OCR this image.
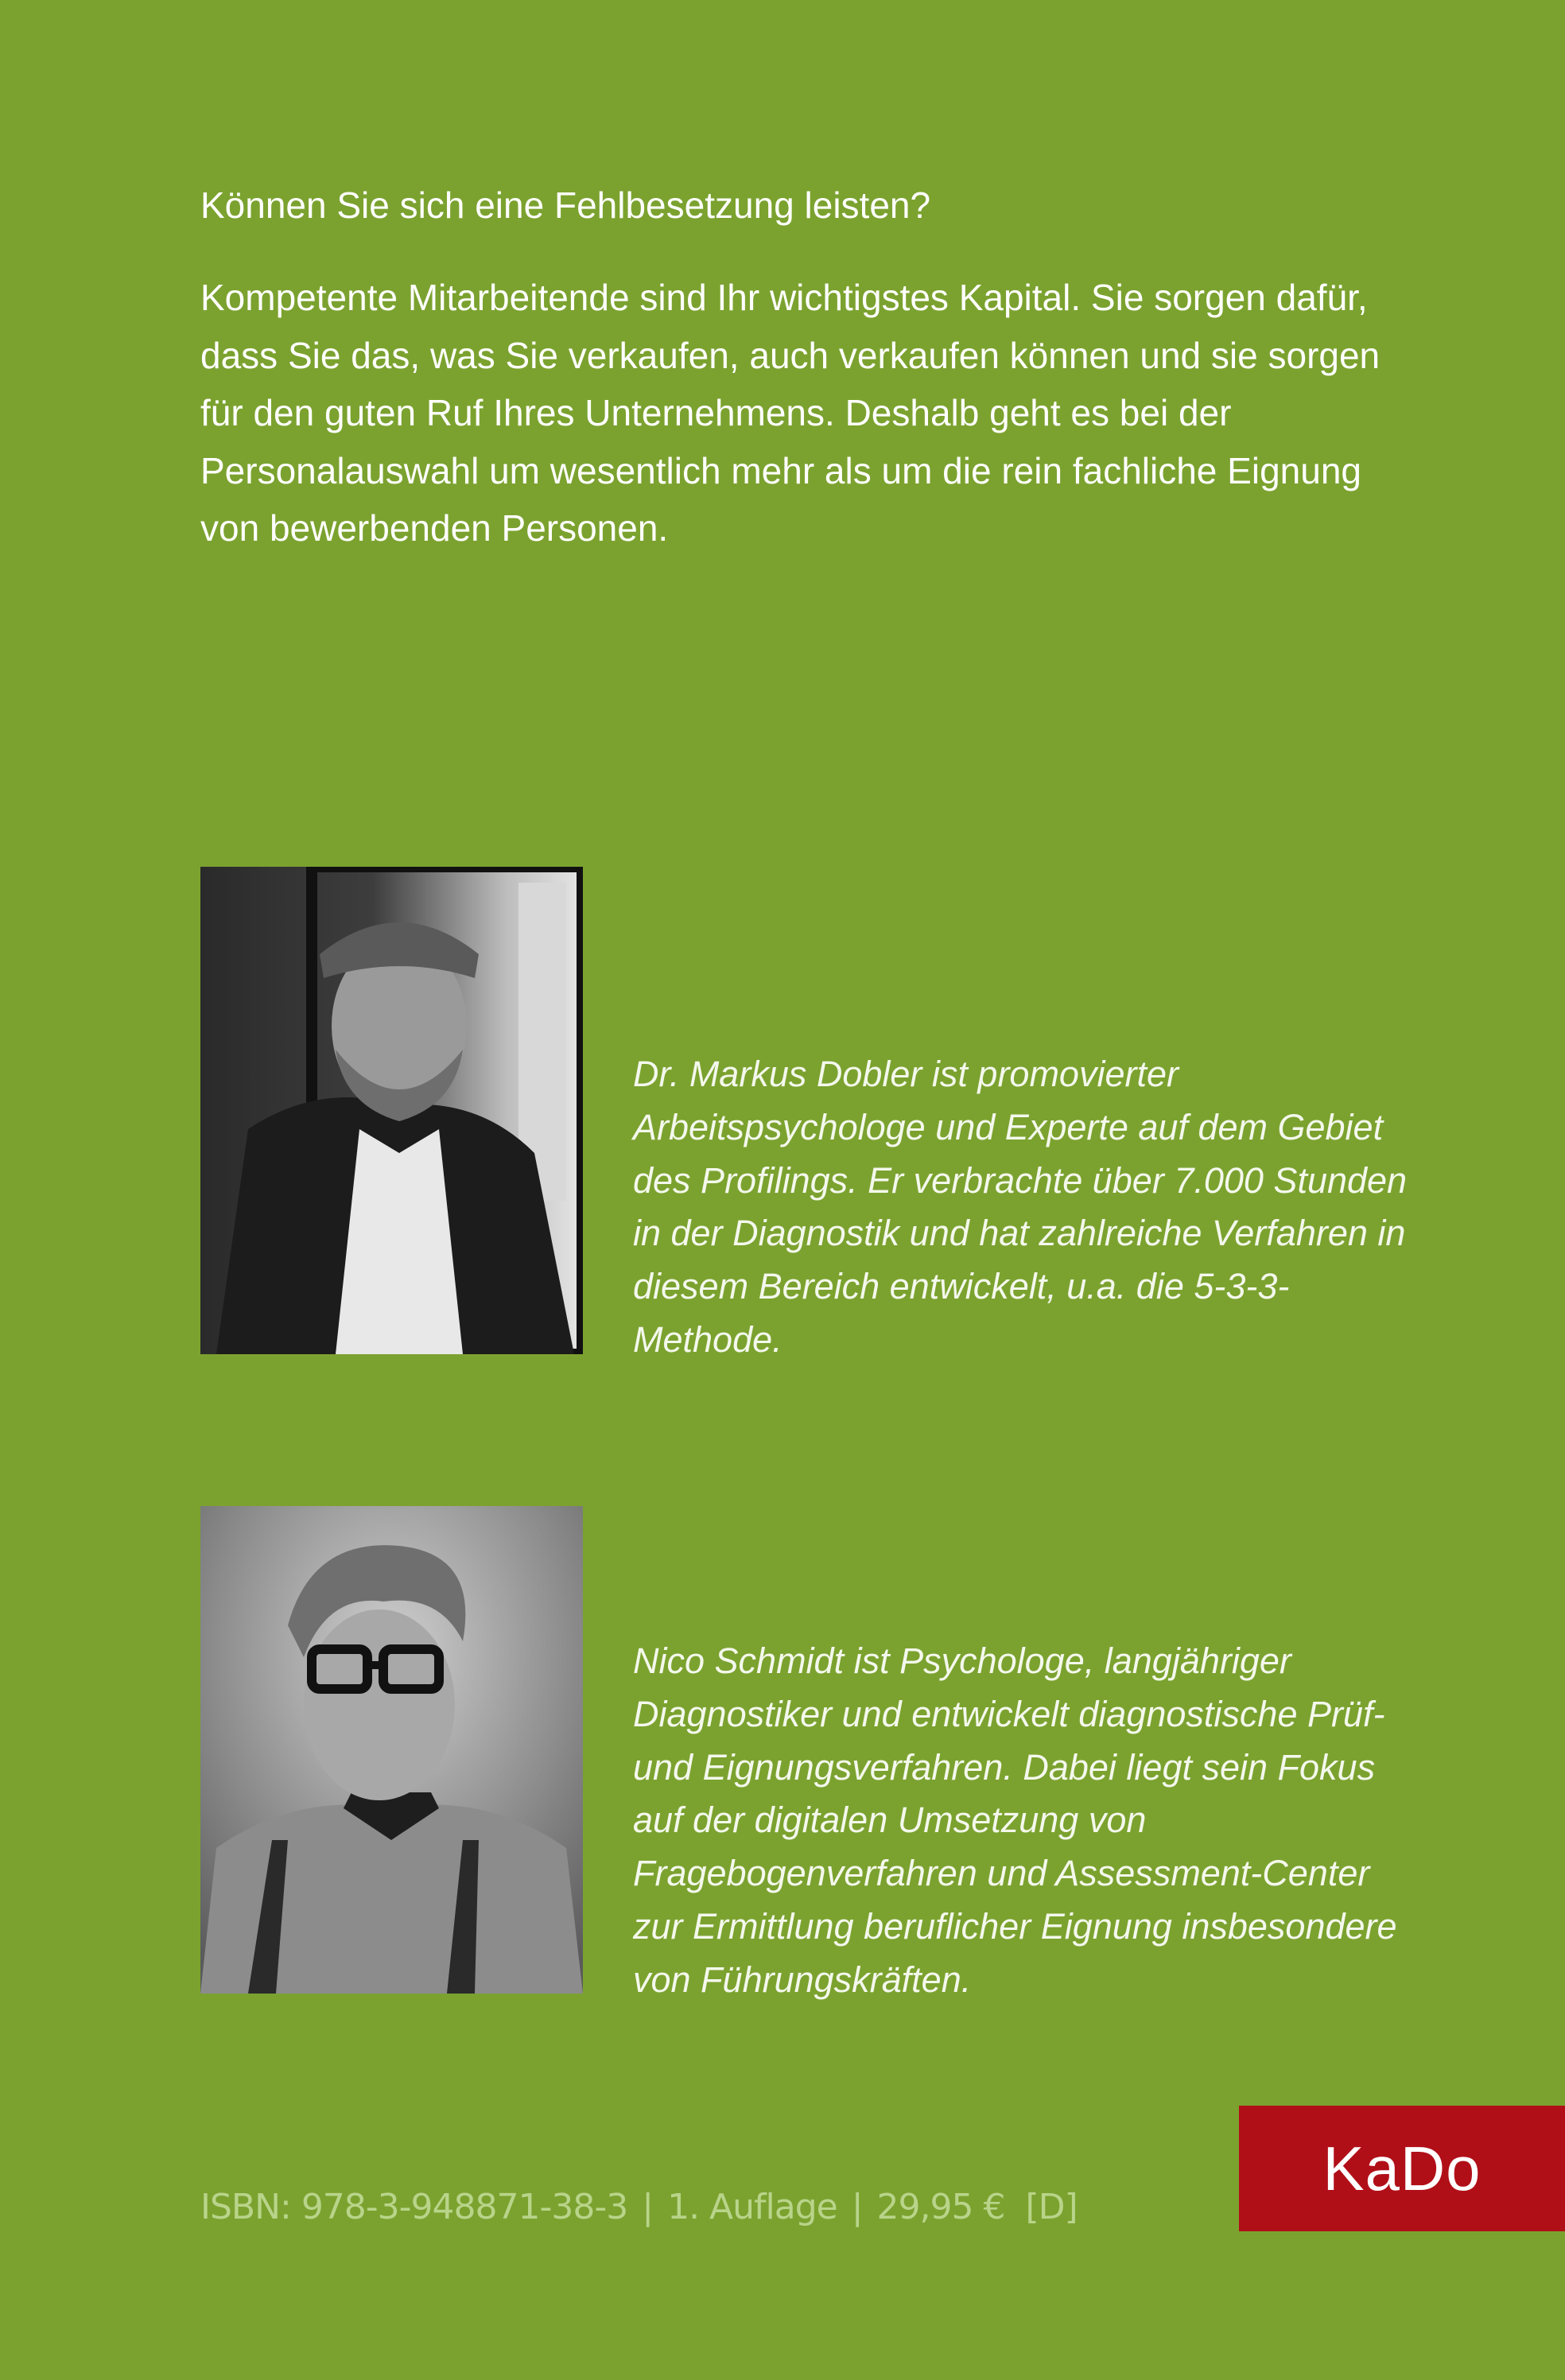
Können Sie sich eine Fehlbesetzung leisten?

Kompetente Mitarbeitende sind Ihr wichtigstes Kapital. Sie sorgen dafür, dass Sie das, was Sie verkaufen, auch verkaufen können und sie sorgen für den guten Ruf Ihres Unternehmens. Deshalb geht es bei der Personalauswahl um wesentlich mehr als um die rein fachliche Eignung von bewerbenden Personen.

Dr. Markus Dobler ist promovierter Arbeitspsychologe und Experte auf dem Gebiet des Profilings. Er verbrachte über 7.000 Stunden in der Diagnostik und hat zahlreiche Verfahren in diesem Bereich entwickelt, u.a. die 5-3-3-Methode.

Nico Schmidt ist Psychologe, langjähriger Diagnostiker und entwickelt diagnostische Prüf- und Eignungsverfahren. Dabei liegt sein Fokus auf der digitalen Umsetzung von Fragebogenverfahren und Assessment-Center zur Ermittlung beruflicher Eignung insbesondere von Führungskräften.

ISBN: 978-3-948871-38-3 | 1. Auflage | 29,95 €  [D]
KaDo
